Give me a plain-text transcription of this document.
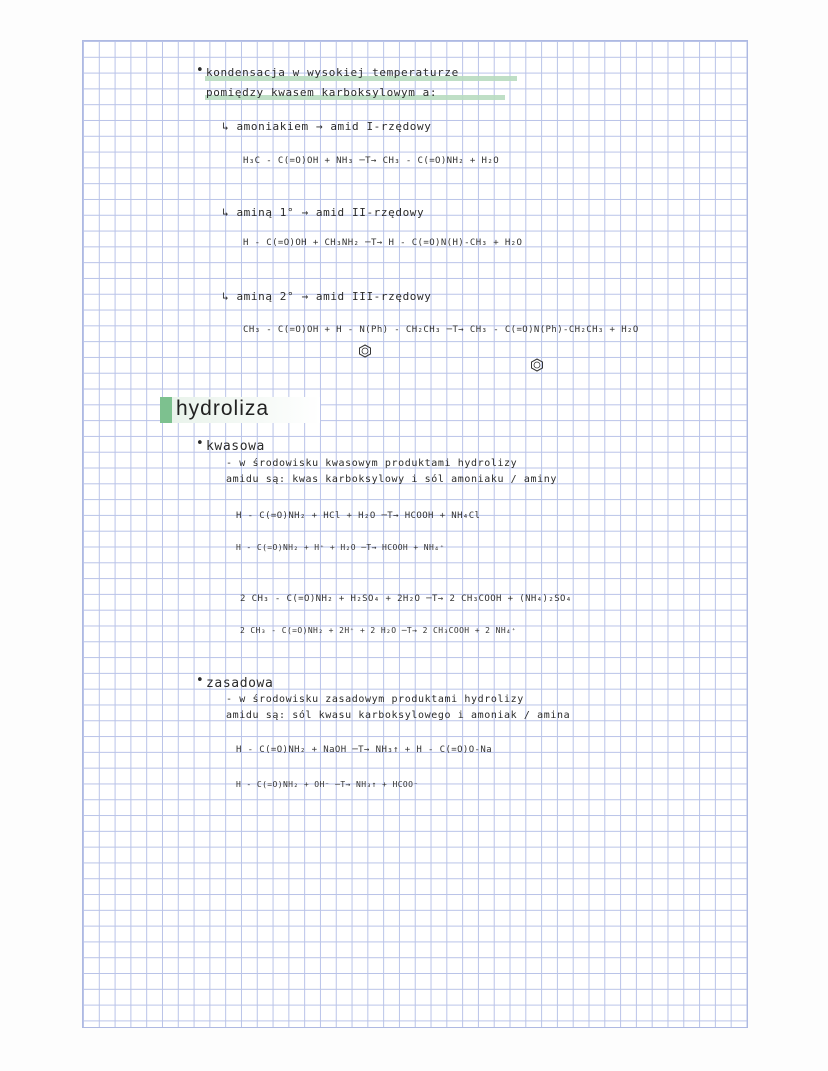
• kondensacja w wysokiej temperaturze
pomiędzy kwasem karboksylowym a:
↳ amoniakiem → amid I-rzędowy
H₃C - C(=O)OH + NH₃ ─T→ CH₃ - C(=O)NH₂ + H₂O
↳ aminą 1° → amid II-rzędowy
H - C(=O)OH + CH₃NH₂ ─T→ H - C(=O)N(H)-CH₃ + H₂O
↳ aminą 2° → amid III-rzędowy
CH₃ - C(=O)OH + H - N(Ph) - CH₂CH₃ ─T→ CH₃ - C(=O)N(Ph)-CH₂CH₃ + H₂O
hydroliza
• kwasowa
- w środowisku kwasowym produktami hydrolizy
amidu są: kwas karboksylowy i sól amoniaku / aminy
H - C(=O)NH₂ + HCl + H₂O ─T→ HCOOH + NH₄Cl
H - C(=O)NH₂ + H⁺ + H₂O ─T→ HCOOH + NH₄⁺
2 CH₃ - C(=O)NH₂ + H₂SO₄ + 2H₂O ─T→ 2 CH₃COOH + (NH₄)₂SO₄
2 CH₃ - C(=O)NH₂ + 2H⁺ + 2 H₂O ─T→ 2 CH₃COOH + 2 NH₄⁺
• zasadowa
- w środowisku zasadowym produktami hydrolizy
amidu są: sól kwasu karboksylowego i amoniak / amina
H - C(=O)NH₂ + NaOH ─T→ NH₃↑ + H - C(=O)O-Na
H - C(=O)NH₂ + OH⁻ ─T→ NH₃↑ + HCOO⁻
